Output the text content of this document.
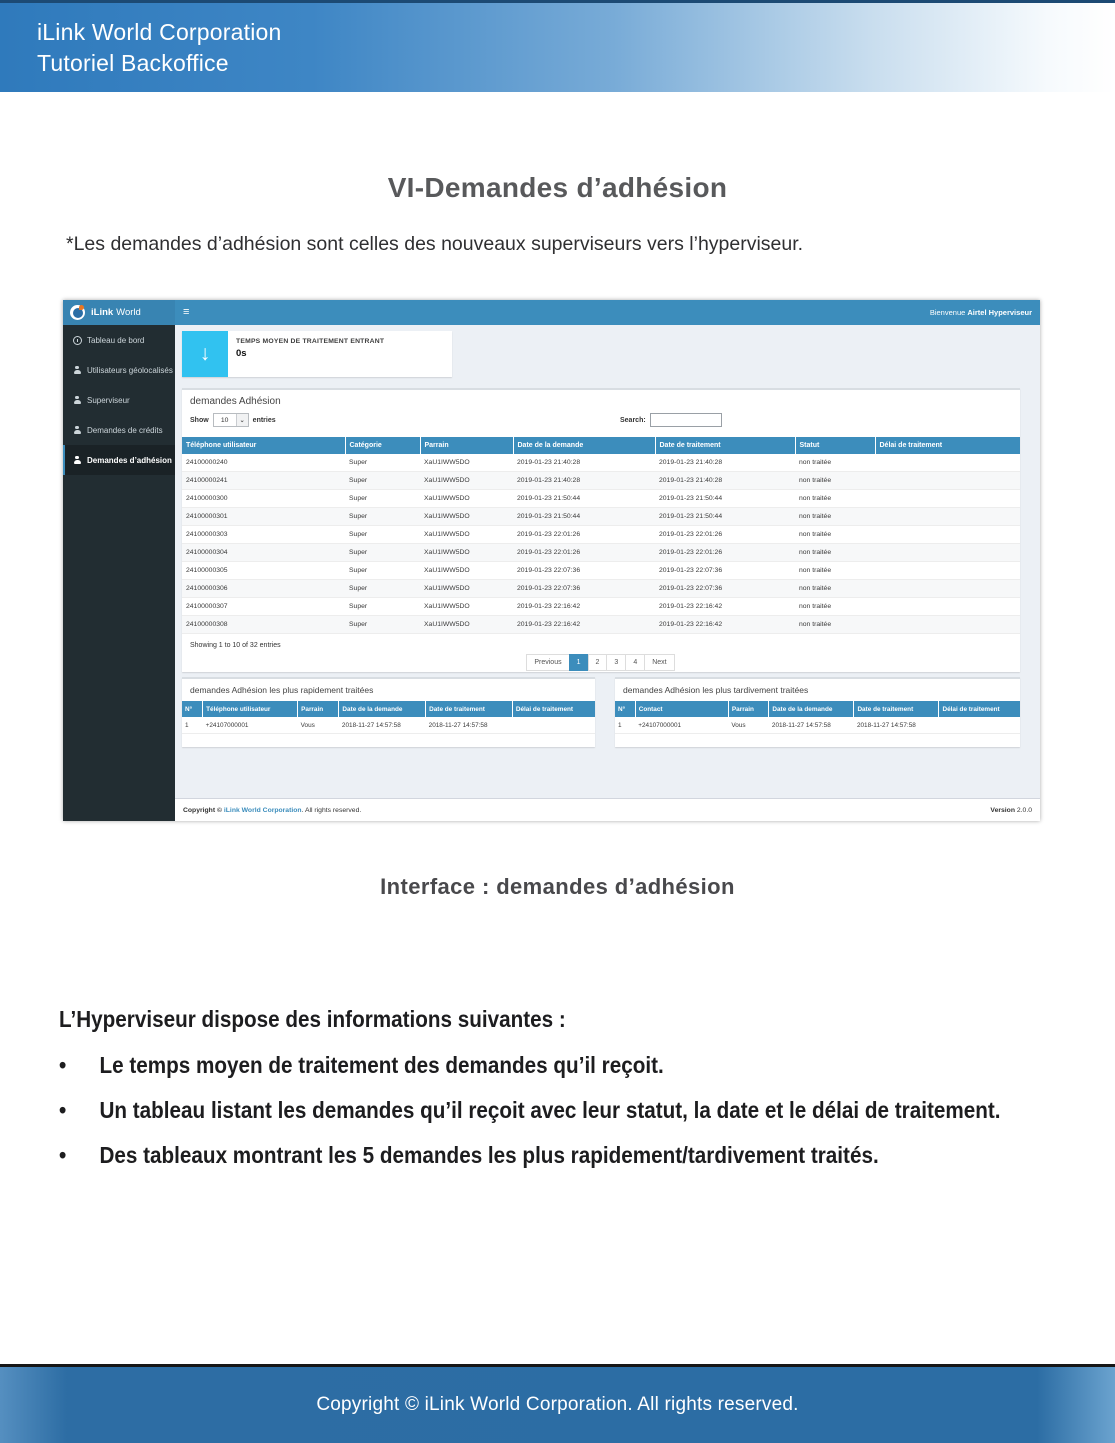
iLink World Corporation
Tutoriel Backoffice
VI-Demandes d’adhésion
*Les demandes d’adhésion sont celles des nouveaux superviseurs vers l’hyperviseur.
iLink World	≡	Bienvenue Airtel Hyperviseur
Tableau de bord
Utilisateurs géolocalisés
Superviseur
Demandes de crédits
Demandes d’adhésion
↓
TEMPS MOYEN DE TRAITEMENT ENTRANT
0s
demandes Adhésion
Show	10	⌄	entries	Search:
Téléphone utilisateur	Catégorie	Parrain	Date de la demande	Date de traitement	Statut	Délai de traitement
24100000240	Super	XaU1IWW5DO	2019-01-23 21:40:28	2019-01-23 21:40:28	non traitée	
24100000241	Super	XaU1IWW5DO	2019-01-23 21:40:28	2019-01-23 21:40:28	non traitée	
24100000300	Super	XaU1IWW5DO	2019-01-23 21:50:44	2019-01-23 21:50:44	non traitée	
24100000301	Super	XaU1IWW5DO	2019-01-23 21:50:44	2019-01-23 21:50:44	non traitée	
24100000303	Super	XaU1IWW5DO	2019-01-23 22:01:26	2019-01-23 22:01:26	non traitée	
24100000304	Super	XaU1IWW5DO	2019-01-23 22:01:26	2019-01-23 22:01:26	non traitée	
24100000305	Super	XaU1IWW5DO	2019-01-23 22:07:36	2019-01-23 22:07:36	non traitée	
24100000306	Super	XaU1IWW5DO	2019-01-23 22:07:36	2019-01-23 22:07:36	non traitée	
24100000307	Super	XaU1IWW5DO	2019-01-23 22:16:42	2019-01-23 22:16:42	non traitée	
24100000308	Super	XaU1IWW5DO	2019-01-23 22:16:42	2019-01-23 22:16:42	non traitée	
Showing 1 to 10 of 32 entries
Previous	1	2	3	4	Next
demandes Adhésion les plus rapidement traitées
N°	Téléphone utilisateur	Parrain	Date de la demande	Date de traitement	Délai de traitement
1	+24107000001	Vous	2018-11-27 14:57:58	2018-11-27 14:57:58	
demandes Adhésion les plus tardivement traitées
N°	Contact	Parrain	Date de la demande	Date de traitement	Délai de traitement
1	+24107000001	Vous	2018-11-27 14:57:58	2018-11-27 14:57:58	
Copyright © iLink World Corporation. All rights reserved.	Version 2.0.0
Interface : demandes d’adhésion
L’Hyperviseur dispose des informations suivantes :
•
Le temps moyen de traitement des demandes qu’il reçoit.
•
Un tableau listant les demandes qu’il reçoit avec leur statut, la date et le délai de traitement.
•
Des tableaux montrant les 5 demandes les plus rapidement/tardivement traités.
Copyright © iLink World Corporation. All rights reserved.
